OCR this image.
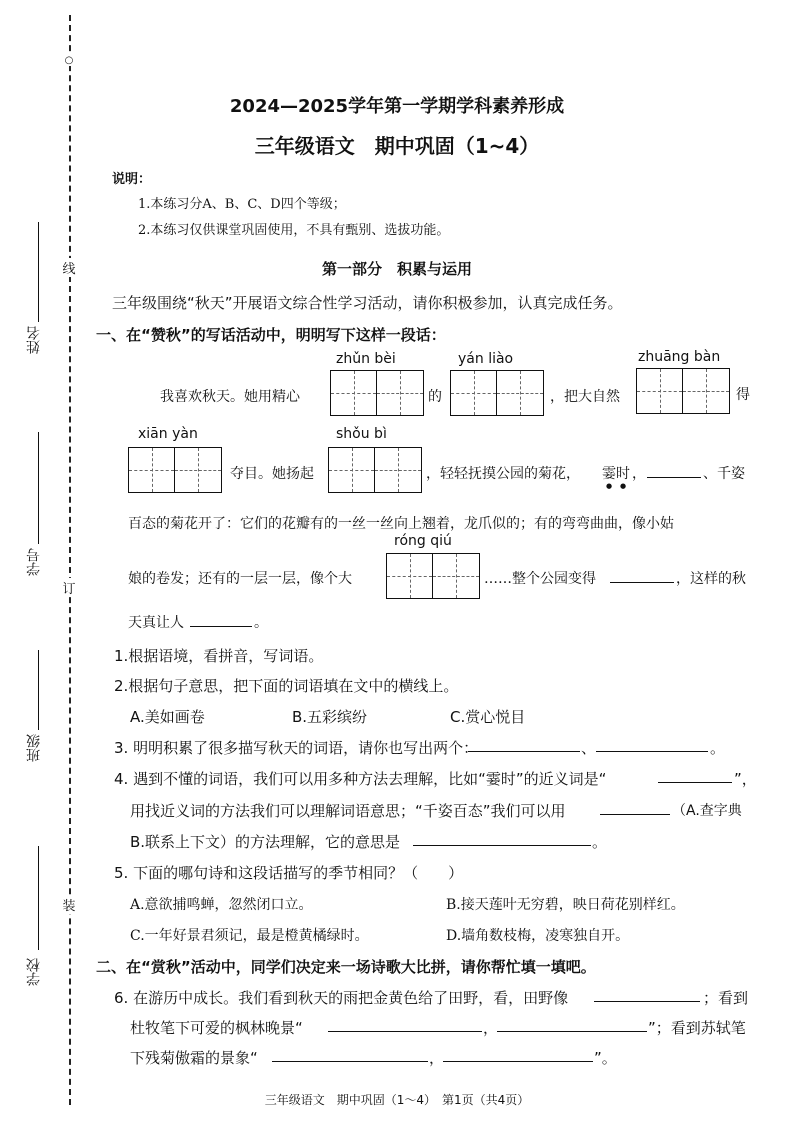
装
订
线
○
学校
班级
学号
姓名
2024—2025学年第一学期学科素养形成
三年级语文　期中巩固（1~4）
说明：
1.本练习分A、B、C、D四个等级；
2.本练习仅供课堂巩固使用，不具有甄别、选拔功能。
第一部分　积累与运用
三年级围绕“秋天”开展语文综合性学习活动，请你积极参加，认真完成任务。
一、在“赞秋”的写话活动中，明明写下这样一段话：
zhǔn bèi	yán liào	zhuāng bàn
xiān yàn	shǒu bì
róng qiú
我喜欢秋天。她用精心	的	，把大自然	得
夺目。她扬起	，轻轻抚摸公园的菊花， 霎时 ，	、千姿
百态的菊花开了：它们的花瓣有的一丝一丝向上翘着，龙爪似的；有的弯弯曲曲，像小姑
娘的卷发；还有的一层一层，像个大	……整个公园变得	，这样的秋
天真让人	。
1.根据语境，看拼音，写词语。
2.根据句子意思，把下面的词语填在文中的横线上。
A.美如画卷	B.五彩缤纷	C.赏心悦目
3. 明明积累了很多描写秋天的词语，请你也写出两个：	、	。
4. 遇到不懂的词语，我们可以用多种方法去理解，比如“霎时”的近义词是“	”，
用找近义词的方法我们可以理解词语意思；“千姿百态”我们可以用	（A.查字典
B.联系上下文）的方法理解，它的意思是	。
5. 下面的哪句诗和这段话描写的季节相同？（　　）
A.意欲捕鸣蝉，忽然闭口立。	B.接天莲叶无穷碧，映日荷花别样红。
C.一年好景君须记，最是橙黄橘绿时。	D.墙角数枝梅，凌寒独自开。
二、在“赏秋”活动中，同学们决定来一场诗歌大比拼，请你帮忙填一填吧。
6. 在游历中成长。我们看到秋天的雨把金黄色给了田野，看，田野像	；看到
杜牧笔下可爱的枫林晚景“	，	”；看到苏轼笔
下残菊傲霜的景象“	，	”。
三年级语文　期中巩固（1～4）　第1页（共4页）
